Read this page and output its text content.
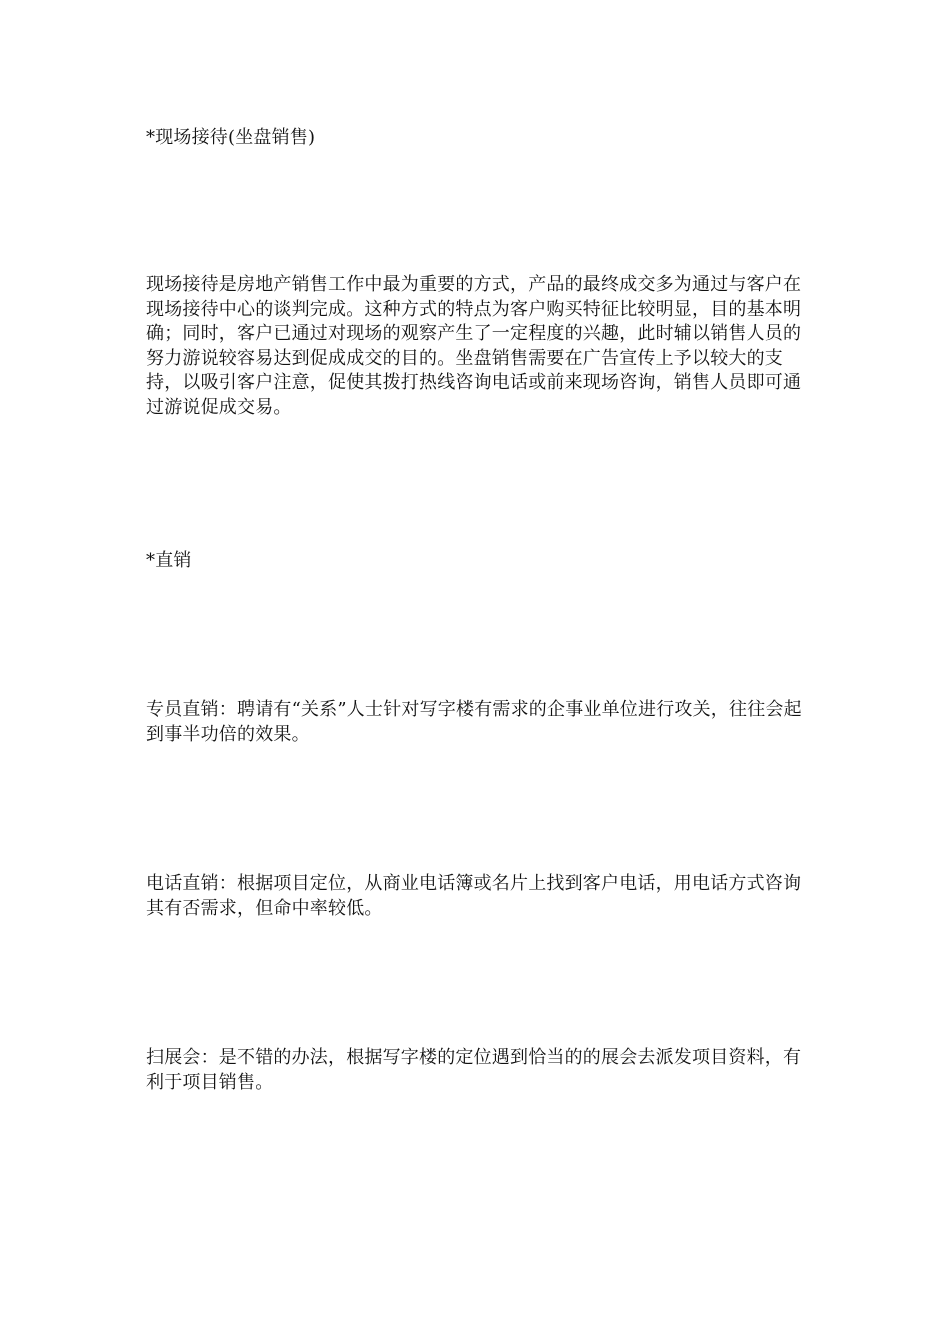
*现场接待(坐盘销售)
现场接待是房地产销售工作中最为重要的方式，产品的最终成交多为通过与客户在现场接待中心的谈判完成。这种方式的特点为客户购买特征比较明显，目的基本明确；同时，客户已通过对现场的观察产生了一定程度的兴趣，此时辅以销售人员的努力游说较容易达到促成成交的目的。坐盘销售需要在广告宣传上予以较大的支持，以吸引客户注意，促使其拨打热线咨询电话或前来现场咨询，销售人员即可通过游说促成交易。
*直销
专员直销：聘请有“关系”人士针对写字楼有需求的企事业单位进行攻关，往往会起到事半功倍的效果。
电话直销：根据项目定位，从商业电话簿或名片上找到客户电话，用电话方式咨询其有否需求，但命中率较低。
扫展会：是不错的办法，根据写字楼的定位遇到恰当的的展会去派发项目资料，有利于项目销售。
